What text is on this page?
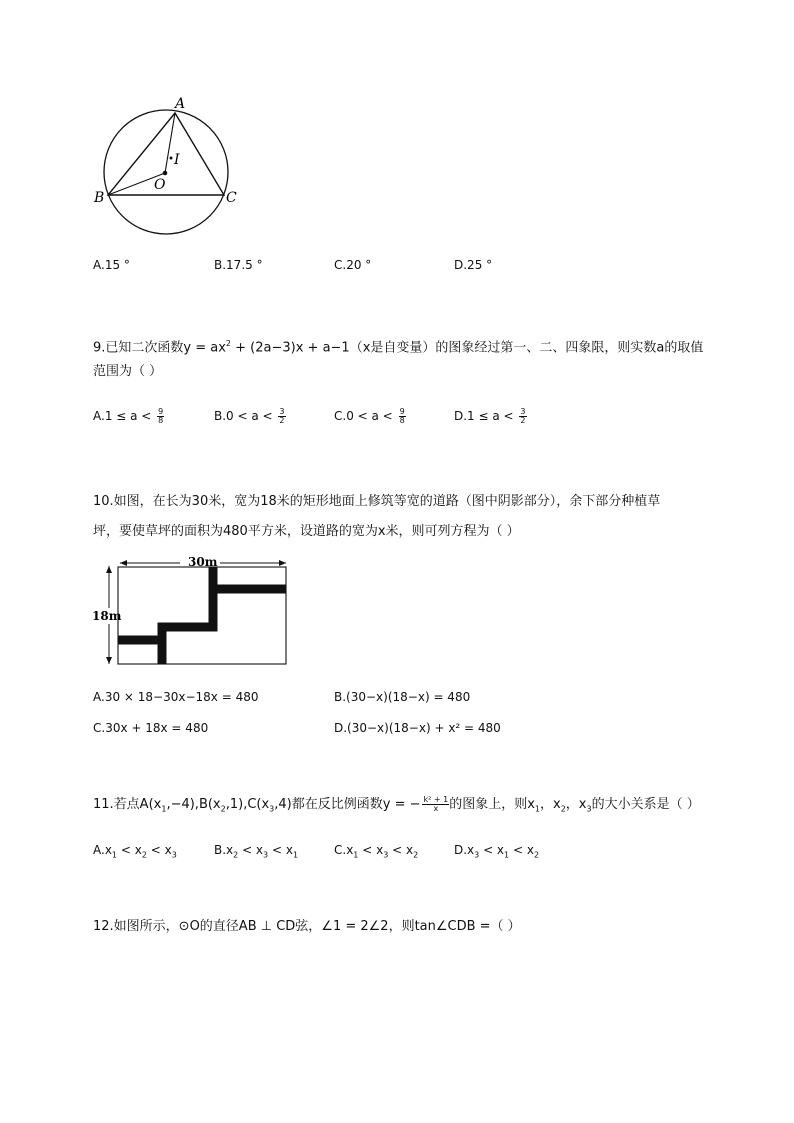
A
B	C
O
I
A.15 °	B.17.5 °	C.20 °	D.25 °
9.已知二次函数$y = ax^2 + (2a-3)x + a-1(x$是自变量）的图象经过第一、二、四象限，则实数a的取值
范围为（ ）
$A.1 \le a < \frac{9}{8}$	$B.0 < a < \frac{3}{2}$	$C.0 < a < \frac{9}{8}$	$D.1 \le a < \frac{3}{2}$
10.如图，在长为30米，宽为18米的矩形地面上修筑等宽的道路（图中阴影部分），余下部分种植草
坪，要使草坪的面积为480平方米，设道路的宽为x米，则可列方程为（ ）
30m
18m
A.30 × 18−30x−18x = 480	B.(30−x)(18−x) = 480
C.30x + 18x = 480	D.(30−x)(18−x) + x² = 480
11.若点$A(x_1,-4),B(x_2,1),C(x_3,4)$都在反比例函数y = − $\frac{\text{k² + 1}}{x}$ 的图象上，则$x_1$，$x_2$，$x_3$的大小关系是（ ）
$A.x_1 < x_2 < x_3$	$B.x_2 < x_3 < x_1$	$C.x_1 < x_3 < x_2$	$D.x_3 < x_1 < x_2$
12.如图所示，⊙O的直径AB ⊥ CD弦，∠1 = 2∠2，则tan∠CDB =（ ）
